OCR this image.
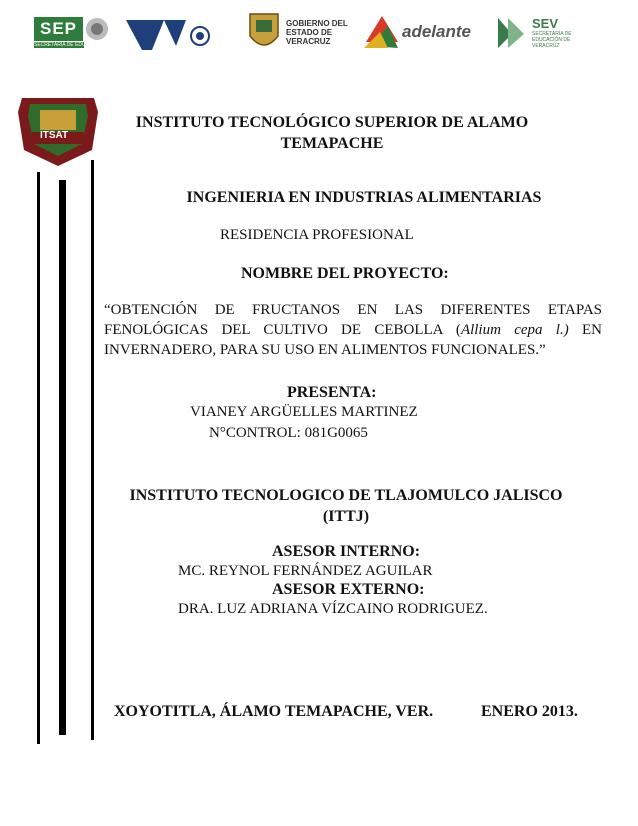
SEP
SECRETARÍA DE EDUCACIÓN PÚBLICA
GOBIERNO DEL ESTADO DE VERACRUZ	adelante	SEV
SECRETARÍA DE EDUCACIÓN DE VERACRUZ
ITSAT
INSTITUTO TECNOLÓGICO SUPERIOR DE ALAMO
TEMAPACHE
INGENIERIA EN INDUSTRIAS ALIMENTARIAS
RESIDENCIA PROFESIONAL
NOMBRE DEL PROYECTO:
“OBTENCIÓN DE FRUCTANOS EN LAS DIFERENTES ETAPAS FENOLÓGICAS DEL CULTIVO DE CEBOLLA (Allium cepa l.) EN INVERNADERO, PARA SU USO EN ALIMENTOS FUNCIONALES.”
PRESENTA:
VIANEY ARGÜELLES MARTINEZ
N°CONTROL: 081G0065
INSTITUTO TECNOLOGICO DE TLAJOMULCO JALISCO
(ITTJ)
ASESOR INTERNO:
MC. REYNOL FERNÁNDEZ AGUILAR
ASESOR EXTERNO:
DRA. LUZ ADRIANA VÍZCAINO RODRIGUEZ.
XOYOTITLA, ÁLAMO TEMAPACHE, VER.	ENERO 2013.
